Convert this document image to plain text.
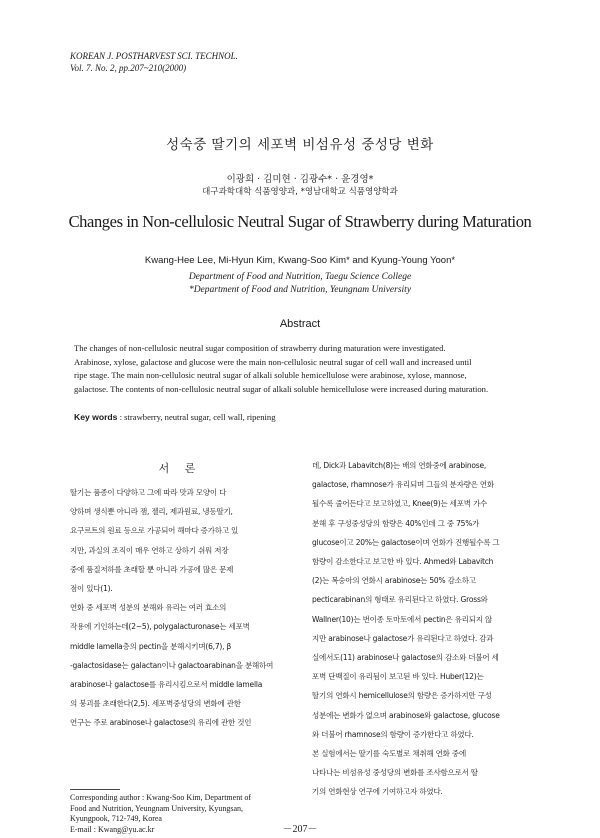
KOREAN J. POSTHARVEST SCI. TECHNOL.
Vol. 7. No. 2, pp.207~210(2000)
성숙중 딸기의 세포벽 비섬유성 중성당 변화
이광희 · 김미현 · 김광수* · 윤경영*
대구과학대학 식품영양과, *영남대학교 식품영양학과
Changes in Non-cellulosic Neutral Sugar of Strawberry during Maturation
Kwang-Hee Lee, Mi-Hyun Kim, Kwang-Soo Kim* and Kyung-Young Yoon*
Department of Food and Nutrition, Taegu Science College
*Department of Food and Nutrition, Yeungnam University
Abstract
The changes of non-cellulosic neutral sugar composition of strawberry during maturation were investigated.
Arabinose, xylose, galactose and glucose were the main non-cellulosic neutral sugar of cell wall and increased until
ripe stage. The main non-cellulosic neutral sugar of alkali soluble hemicellulose were arabinose, xylose, mannose,
galactose. The contents of non-cellulosic neutral sugar of alkali soluble hemicellulose were increased during maturation.
Key words : strawberry, neutral sugar, cell wall, ripening
서 론
딸기는 품종이 다양하고 그에 따라 맛과 모양이 다
양하며 생식뿐 아니라 잼, 젤리, 제과원료, 냉동딸기,
요구르트의 원료 등으로 가공되어 해마다 증가하고 있
지만, 과실의 조직이 매우 연하고 상하기 쉬워 저장
중에 품질저하를 초래할 뿐 아니라 가공에 많은 문제
점이 있다(1).
연화 중 세포벽 성분의 분해와 유리는 여러 효소의
작용에 기인하는데(2~5), polygalacturonase는 세포벽
middle lamella층의 pectin을 분해시키며(6,7), β
-galactosidase는 galactan이나 galactoarabinan을 분해하여
arabinose나 galactose를 유리시킴으로서 middle lamella
의 붕괴를 초래한다(2,5). 세포벽중성당의 변화에 관한
연구는 주로 arabinose나 galactose의 유리에 관한 것인
데, Dick과 Labavitch(8)는 배의 연화중에 arabinose,
galactose, rhamnose가 유리되며 그들의 분자량은 연화
될수록 줄어든다고 보고하였고, Knee(9)는 세포벽 가수
분해 후 구성중성당의 함량은 40%인데 그 중 75%가
glucose이고 20%는 galactose이며 연화가 진행될수록 그
함량이 감소한다고 보고한 바 있다. Ahmed와 Labavitch
(2)는 복숭아의 연화시 arabinose는 50% 감소하고
pecticarabinan의 형태로 유리된다고 하였다. Gross와
Wallner(10)는 번이종 토마토에서 pectin은 유리되지 않
지만 arabinose나 galactose가 유리된다고 하였다. 감과
실에서도(11) arabinose나 galactose의 감소와 더불어 세
포벽 단백질이 유리됨이 보고된 바 있다. Huber(12)는
딸기의 연화시 hemicellulose의 함량은 증가하지만 구성
성분에는 변화가 없으며 arabinose와 galactose, glucose
와 더불어 rhamnose의 함량이 증가한다고 하였다.
본 실험에서는 딸기를 숙도별로 채취해 연화 중에
나타나는 비섬유성 중성당의 변화를 조사함으로서 딸
기의 연화현상 연구에 기여하고자 하였다.
Corresponding author : Kwang-Soo Kim, Department of
Food and Nutrition, Yeungnam University, Kyungsan,
Kyungpook, 712-749, Korea
E-mail : Kwang@yu.ac.kr	－207－
